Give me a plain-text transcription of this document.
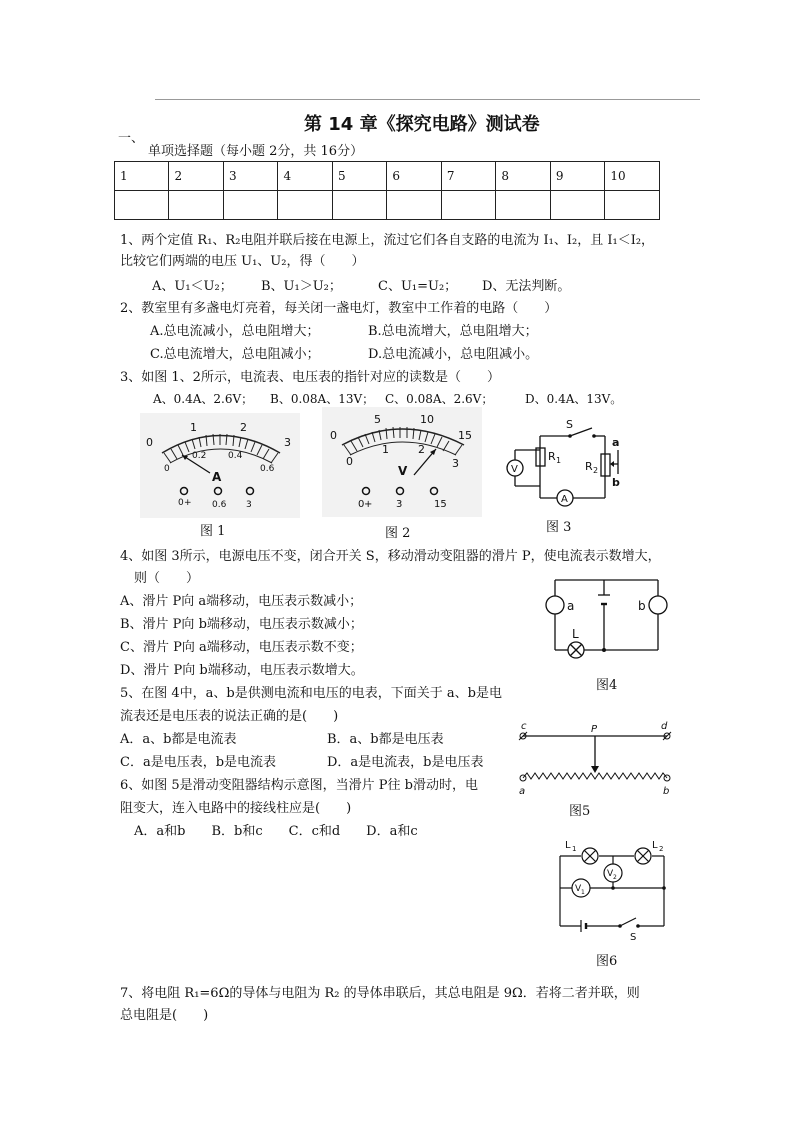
第 14 章《探究电路》测试卷
一、
单项选择题（每小题 2分，共 16分）
1	2	3	4	5	6	7	8	9	10

1、两个定值 R₁、R₂电阻并联后接在电源上，流过它们各自支路的电流为 I₁、I₂，且 I₁＜I₂，
比较它们两端的电压 U₁、U₂，得（　　）
A、U₁＜U₂； B、U₁＞U₂；	C、U₁=U₂； D、无法判断。
2、教室里有多盏电灯亮着，每关闭一盏电灯，教室中工作着的电路（　　）
A.总电流减小，总电阻增大；	B.总电流增大，总电阻增大；
C.总电流增大，总电阻减小；	D.总电流减小，总电阻减小。
3、如图 1、2所示，电流表、电压表的指针对应的读数是（　　）
A、0.4A、2.6V； B、0.08A、13V； C、0.08A、2.6V；	D、0.4A、13V。
0
1	2
3
0
0.2 0.4
0.6
A
0 + 0.6 3
图 1
0
5	10
15
0
1	2
3
V
0 + 3	15
图 2
S
V
R 1 R 2
a
b
A
图 3
4、如图 3所示，电源电压不变，闭合开关 S，移动滑动变阻器的滑片 P，使电流表示数增大，
则（　　）
A、滑片 P向 a端移动，电压表示数减小；
B、滑片 P向 b端移动，电压表示数减小；
C、滑片 P向 a端移动，电压表示数不变；
D、滑片 P向 b端移动，电压表示数增大。
a	b
L
图4
5、在图 4中，a、b是供测电流和电压的电表，下面关于 a、b是电
流表还是电压表的说法正确的是(　　)
A．a、b都是电流表	B．a、b都是电压表
C．a是电压表，b是电流表	D．a是电流表，b是电压表
c	d
P
a	b
图5
6、如图 5是滑动变阻器结构示意图，当滑片 P往 b滑动时，电
阻变大，连入电路中的接线柱应是(　　)
A．a和b　　B．b和c　　C．c和d　　D．a和c
L 1	L 2
V 2
V 1
S
图6
7、将电阻 R₁=6Ω的导体与电阻为 R₂ 的导体串联后，其总电阻是 9Ω．若将二者并联，则
总电阻是(　　)
